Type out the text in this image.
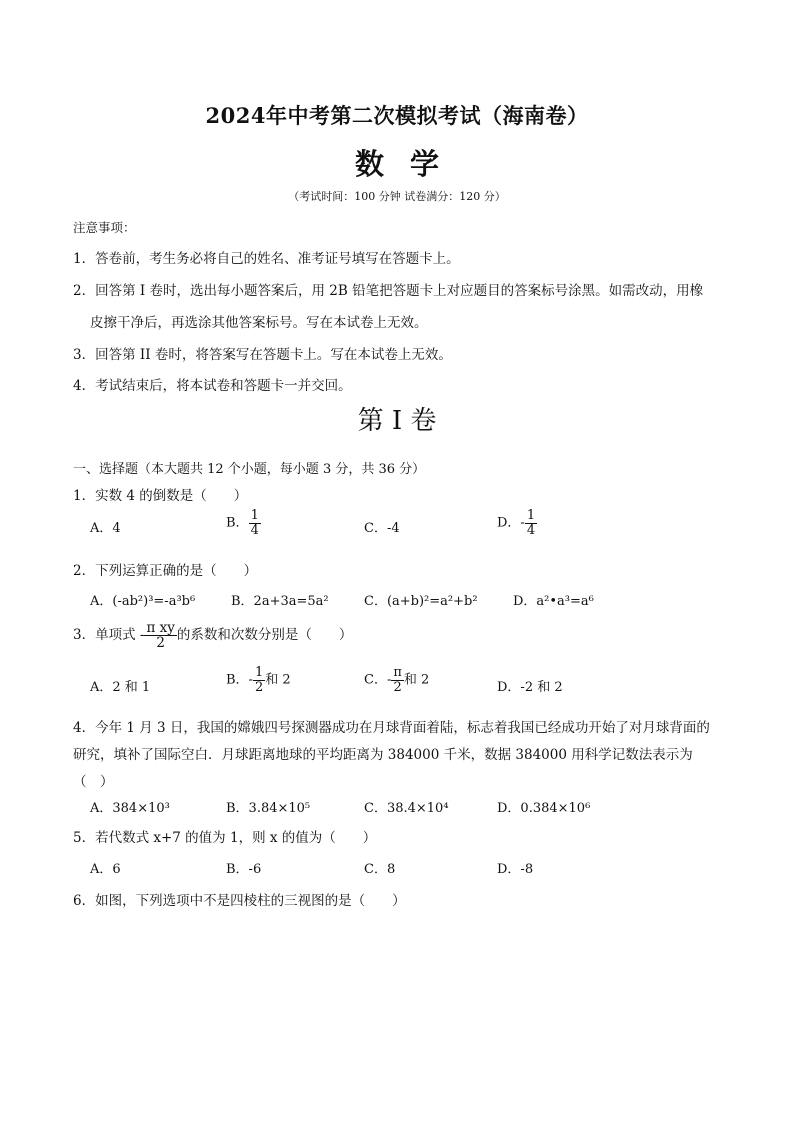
2024年中考第二次模拟考试（海南卷）
数学
（考试时间：100 分钟 试卷满分：120 分）
注意事项：
1．答卷前，考生务必将自己的姓名、准考证号填写在答题卡上。
2．回答第 I 卷时，选出每小题答案后，用 2B 铅笔把答题卡上对应题目的答案标号涂黑。如需改动，用橡
皮擦干净后，再选涂其他答案标号。写在本试卷上无效。
3．回答第 II 卷时，将答案写在答题卡上。写在本试卷上无效。
4．考试结束后，将本试卷和答题卡一并交回。
第 I 卷
一、选择题（本大题共 12 个小题，每小题 3 分，共 36 分）
1．实数 4 的倒数是（　　）
A．4	B． $\frac{1}{4}$	C．-4	D．- $\frac{1}{4}$
2．下列运算正确的是（　　）
A．(-ab²)³=-a³b⁶	B．2a+3a=5a²	C．(a+b)²=a²+b²	D．a²•a³=a⁶
3．单项式 - $\frac{\text{π xy}}{2}$ 的系数和次数分别是（　　）
A．2 和 1	B．- $\frac{1}{2}$ 和 2	C．- $\frac{\pi}{2}$ 和 2	D．-2 和 2
4．今年 1 月 3 日，我国的嫦娥四号探测器成功在月球背面着陆，标志着我国已经成功开始了对月球背面的
研究，填补了国际空白．月球距离地球的平均距离为 384000 千米，数据 384000 用科学记数法表示为
（　）
A．384×10³	B．3.84×10⁵	C．38.4×10⁴	D．0.384×10⁶
5．若代数式 x+7 的值为 1，则 x 的值为（　　）
A．6	B．-6	C．8	D．-8
6．如图，下列选项中不是四棱柱的三视图的是（　　）
